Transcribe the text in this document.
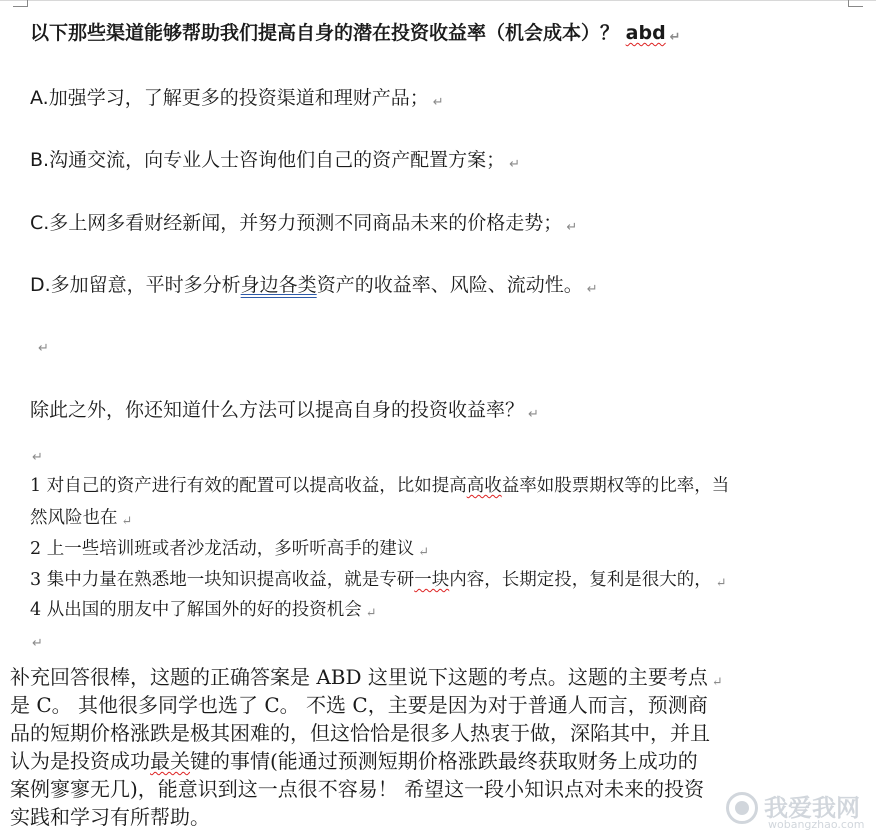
以下那些渠道能够帮助我们提高自身的潜在投资收益率（机会成本）？ abd ↵
A.加强学习，了解更多的投资渠道和理财产品； ↵
B.沟通交流，向专业人士咨询他们自己的资产配置方案； ↵
C.多上网多看财经新闻，并努力预测不同商品未来的价格走势； ↵
D.多加留意，平时多分析身边各类资产的收益率、风险、流动性。 ↵
↵
除此之外，你还知道什么方法可以提高自身的投资收益率？ ↵
↵
1 对自己的资产进行有效的配置可以提高收益，比如提高高收益率如股票期权等的比率，当
然风险也在 ↵
2 上一些培训班或者沙龙活动，多听听高手的建议 ↵
3 集中力量在熟悉地一块知识提高收益，就是专研一块内容，长期定投，复利是很大的， ↵
4 从出国的朋友中了解国外的好的投资机会 ↵
↵
补充回答很棒，这题的正确答案是 ABD 这里说下这题的考点。这题的主要考点 ↵
是 C。 其他很多同学也选了 C。 不选 C，主要是因为对于普通人而言，预测商
品的短期价格涨跌是极其困难的，但这恰恰是很多人热衷于做，深陷其中，并且
认为是投资成功最关键的事情(能通过预测短期价格涨跌最终获取财务上成功的
案例寥寥无几)，能意识到这一点很不容易！ 希望这一段小知识点对未来的投资
实践和学习有所帮助。	我爱我网
wobangzhao.com
